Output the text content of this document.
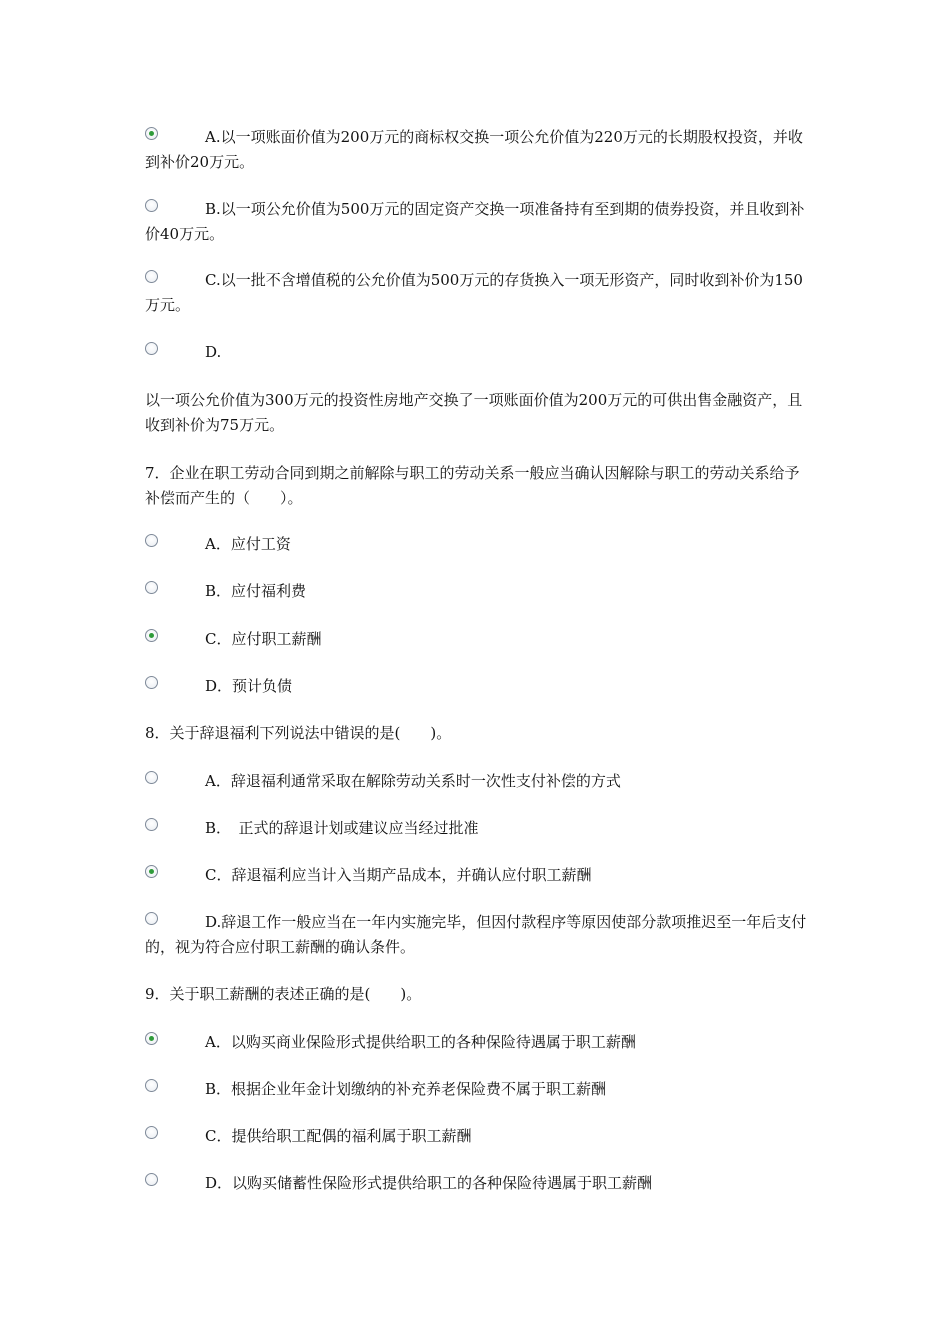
A.以一项账面价值为200万元的商标权交换一项公允价值为220万元的长期股权投资，并收到补价20万元。
B.以一项公允价值为500万元的固定资产交换一项准备持有至到期的债券投资，并且收到补价40万元。
C.以一批不含增值税的公允价值为500万元的存货换入一项无形资产，同时收到补价为150万元。
D.
以一项公允价值为300万元的投资性房地产交换了一项账面价值为200万元的可供出售金融资产，且收到补价为75万元。
7．企业在职工劳动合同到期之前解除与职工的劳动关系一般应当确认因解除与职工的劳动关系给予补偿而产生的（　　）。
A．应付工资
B．应付福利费
C．应付职工薪酬
D．预计负债
8．关于辞退福利下列说法中错误的是(　　)。
A．辞退福利通常采取在解除劳动关系时一次性支付补偿的方式
B．　正式的辞退计划或建议应当经过批准
C．辞退福利应当计入当期产品成本，并确认应付职工薪酬
D.辞退工作一般应当在一年内实施完毕，但因付款程序等原因使部分款项推迟至一年后支付的，视为符合应付职工薪酬的确认条件。
9．关于职工薪酬的表述正确的是(　　)。
A．以购买商业保险形式提供给职工的各种保险待遇属于职工薪酬
B．根据企业年金计划缴纳的补充养老保险费不属于职工薪酬
C．提供给职工配偶的福利属于职工薪酬
D．以购买储蓄性保险形式提供给职工的各种保险待遇属于职工薪酬
